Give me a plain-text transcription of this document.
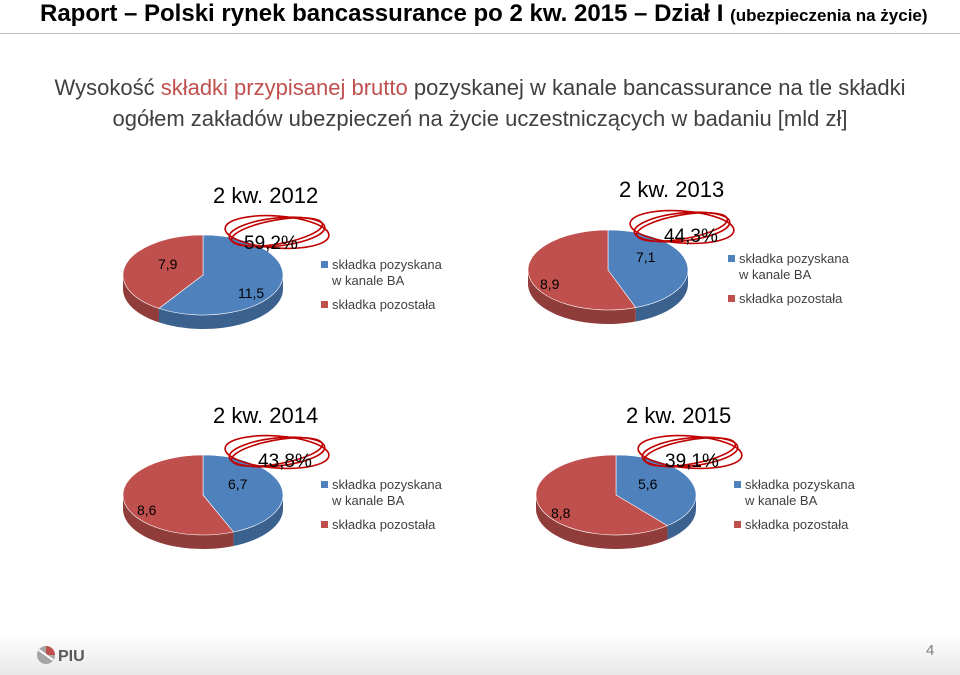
Raport – Polski rynek bancassurance po 2 kw. 2015 – Dział I (ubezpieczenia na życie)
Wysokość składki przypisanej brutto pozyskanej w kanale bancassurance na tle składki
ogółem zakładów ubezpieczeń na życie uczestniczących w badaniu [mld zł]
2 kw. 2012
7,9
11,5
59,2%
składka pozyskana
w kanale BA
składka pozostała
2 kw. 2013
8,9
7,1
44,3%
składka pozyskana
w kanale BA
składka pozostała
2 kw. 2014
8,6
6,7
43,8%
składka pozyskana
w kanale BA
składka pozostała
2 kw. 2015
8,8
5,6
39,1%
składka pozyskana
w kanale BA
składka pozostała
PIU	4
